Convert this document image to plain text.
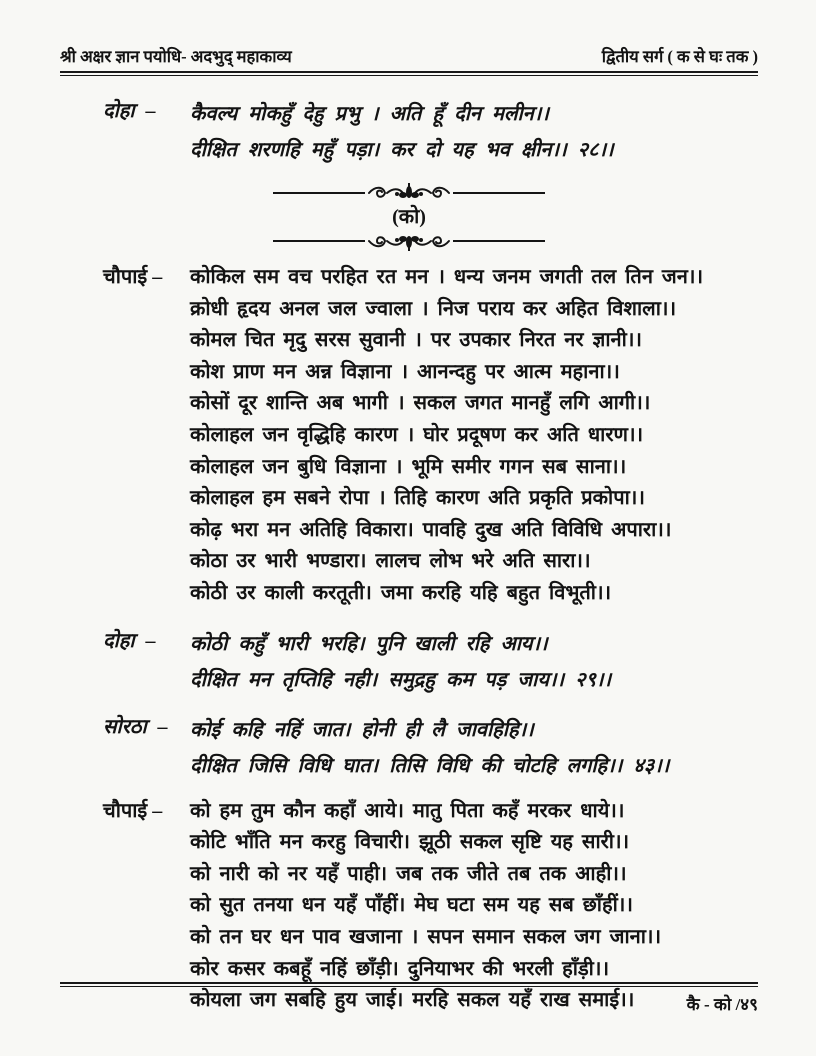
श्री अक्षर ज्ञान पयोधि- अदभुद् महाकाव्य	द्वितीय सर्ग ( क से घः तक )
दोहा –	कैवल्य मोकहुँ देहु प्रभु । अति हूँ दीन मलीन।।
दीक्षित शरणहि महुँ पड़ा। कर दो यह भव क्षीन।। २८।।
(को)
चौपाई –	कोकिल सम वच परहित रत मन । धन्य जनम जगती तल तिन जन।।
क्रोधी हृदय अनल जल ज्वाला । निज पराय कर अहित विशाला।।
कोमल चित मृदु सरस सुवानी । पर उपकार निरत नर ज्ञानी।।
कोश प्राण मन अन्न विज्ञाना । आनन्दहु पर आत्म महाना।।
कोसों दूर शान्ति अब भागी । सकल जगत मानहुँ लगि आगी।।
कोलाहल जन वृद्धिहि कारण । घोर प्रदूषण कर अति धारण।।
कोलाहल जन बुधि विज्ञाना । भूमि समीर गगन सब साना।।
कोलाहल हम सबने रोपा । तिहि कारण अति प्रकृति प्रकोपा।।
कोढ़ भरा मन अतिहि विकारा। पावहि दुख अति विविधि अपारा।।
कोठा उर भारी भण्डारा। लालच लोभ भरे अति सारा।।
कोठी उर काली करतूती। जमा करहि यहि बहुत विभूती।।
दोहा –	कोठी कहुँ भारी भरहि। पुनि खाली रहि आय।।
दीक्षित मन तृप्तिहि नही। समुद्रहु कम पड़ जाय।। २९।।
सोरठा –	कोई कहि नहिं जात। होनी ही लै जावहिहि।।
दीक्षित जिसि विधि घात। तिसि विधि की चोटहि लगहि।। ४३।।
चौपाई –	को हम तुम कौन कहाँ आये। मातु पिता कहँ मरकर धाये।।
कोटि भाँति मन करहु विचारी। झूठी सकल सृष्टि यह सारी।।
को नारी को नर यहँ पाही। जब तक जीते तब तक आही।।
को सुत तनया धन यहँ पाँहीं। मेघ घटा सम यह सब छाँहीं।।
को तन घर धन पाव खजाना । सपन समान सकल जग जाना।।
कोर कसर कबहूँ नहिं छाँड़ी। दुनियाभर की भरली हाँड़ी।।
कोयला जग सबहि हुय जाई। मरहि सकल यहँ राख समाई।।	कै - को /४९
